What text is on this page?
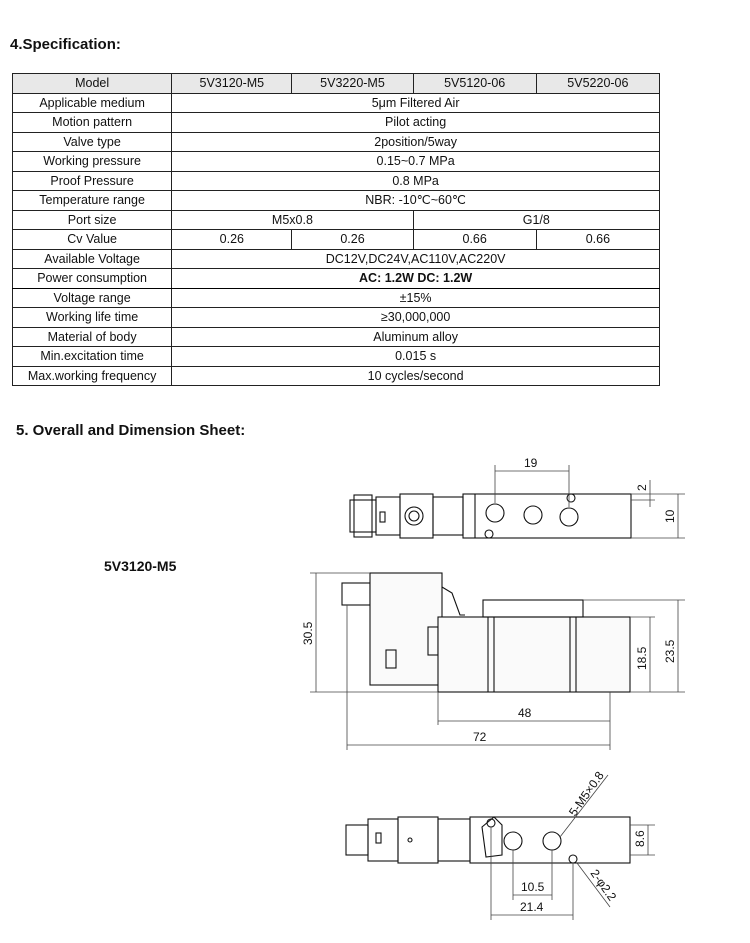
4.Specification:
Model	5V3120-M5	5V3220-M5	5V5120-06	5V5220-06
Applicable medium	5μm Filtered Air			
Motion pattern	Pilot acting			
Valve type	2position/5way			
Working pressure	0.15~0.7 MPa			
Proof Pressure	0.8 MPa			
Temperature range	NBR: -10℃~60℃			
Port size	M5x0.8		G1/8	
Cv Value	0.26	0.26	0.66	0.66
Available Voltage	DC12V,DC24V,AC110V,AC220V			
Power consumption	AC: 1.2W DC: 1.2W			
Voltage range	±15%			
Working life time	≥30,000,000			
Material of body	Aluminum alloy			
Min.excitation time	0.015 s			
Max.working frequency	10 cycles/second			
5. Overall and Dimension Sheet:
5V3120-M5
19
2
10
30.5
18.5 23.5
48
72
5-M5×0.8
2-φ2.2
8.6
10.5
21.4
